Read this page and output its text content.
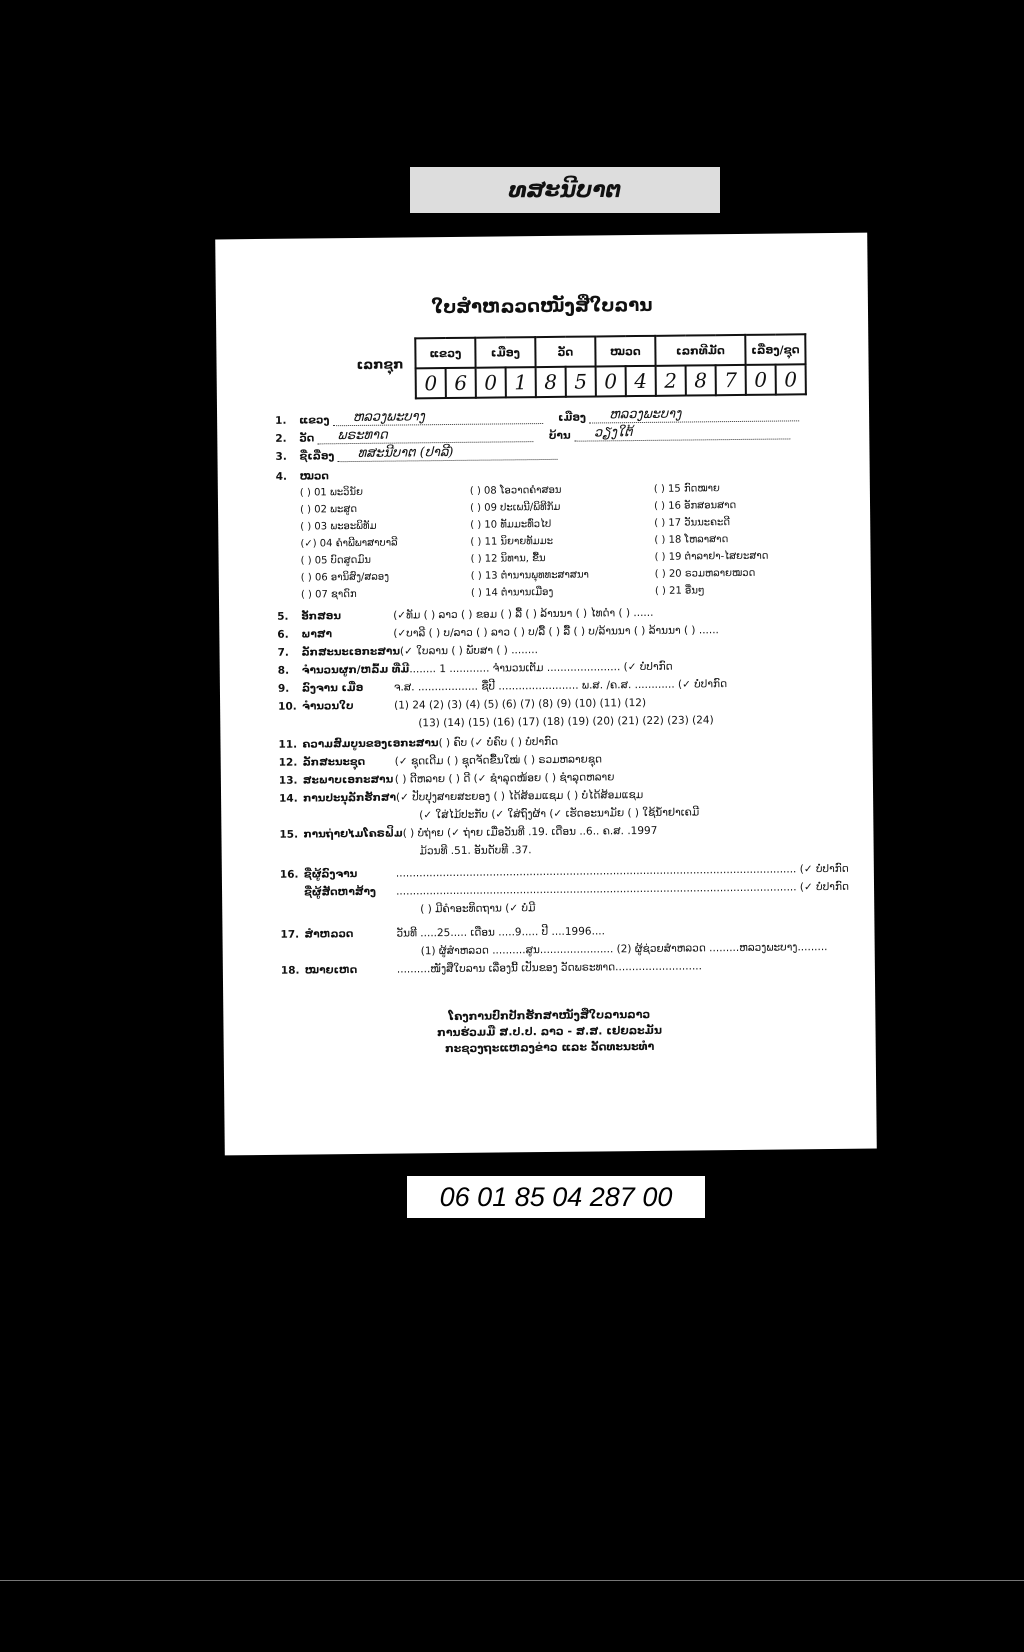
ທສະນີບາຕ
ໃບສຳຫລວດໜັງສືໃບລານ
ເລກຊຸກ
ແຂວງ		ເມືອງ		ວັດ		ໝວດ		ເລກທີມັດ			ເລື່ອງ/ຊຸດ	
0	6	0	1	8	5	0	4	2	8	7	0	0
1. ແຂວງ ຫລວງພະບາງ	ເມືອງ ຫລວງພະບາງ
2. ວັດ ພຣະທາດ	ບ້ານ ວຽງໃຕ້
3. ຊື່ເລື່ອງ ທສະນີບາຕ (ປາລີ)
4. ໝວດ
( ) 01 ພະວິນັຍ
( ) 02 ພະສູດ
( ) 03 ພະອະພິທັມ
(✓) 04 ຄຳພີພາສາບາລີ
( ) 05 ບົດສູດມົນ
( ) 06 ອານິສົງ/ສລອງ
( ) 07 ຊາດົກ
( ) 08 ໂອວາດຄຳສອນ
( ) 09 ປະເພນີ/ພິທີກັມ
( ) 10 ທັມມະທົ່ວໄປ
( ) 11 ນິຍາຍທັມມະ
( ) 12 ນິທານ, ຂື້ນ
( ) 13 ຕຳນານພຸທທະສາສນາ
( ) 14 ຕຳນານເມືອງ
( ) 15 ກົດໝາຍ
( ) 16 ອັກສອນສາດ
( ) 17 ວັນນະຄະດີ
( ) 18 ໂຫລາສາດ
( ) 19 ຕຳລາຢາ-ໄສຍະສາດ
( ) 20 ຣວມຫລາຍໝວດ
( ) 21 ອື່ນໆ
5. ອັກສອນ	(✓ທັມ ( ) ລາວ ( ) ຂອມ ( ) ລື້ ( ) ລ້ານນາ ( ) ໄທດຳ ( ) ......
6. ພາສາ	(✓ບາລີ ( ) ບ/ລາວ ( ) ລາວ ( ) ບ/ລື້ ( ) ລື້ ( ) ບ/ລ້ານນາ ( ) ລ້ານນາ ( ) ......
7. ລັກສະນະເອກະສານ(✓ ໃບລານ ( ) ພັບສາ ( ) ........
8. ຈຳນວນຜູກ/ຫລົ້ມ ທີ່ມີ........ 1 ............ ຈຳນວນເຕັມ ...................... (✓ ບໍ່ປາກົດ
9. ລົງຈານ ເມື່ອ	ຈ.ສ. .................. ຊື່ປີ ........................ ພ.ສ. /ຄ.ສ. ............ (✓ ບໍ່ປາກົດ
10. ຈຳນວນໃບ	(1) 24 (2) (3) (4) (5) (6) (7) (8) (9) (10) (11) (12)
(13) (14) (15) (16) (17) (18) (19) (20) (21) (22) (23) (24)
11. ຄວາມສົມບູນຂອງເອກະສານ( ) ຄົບ (✓ ບໍ່ຄົບ ( ) ບໍ່ປາກົດ
12. ລັກສະນະຊຸດ	(✓ ຊຸດເດີມ ( ) ຊຸດຈັດຂື້ນໃໝ່ ( ) ຣວມຫລາຍຊຸດ
13. ສະພາບເອກະສານ ( ) ດີຫລາຍ ( ) ດີ (✓ ຊຳລຸດໜ້ອຍ ( ) ຊຳລຸດຫລາຍ
14. ການປະນຸລັກຮັກສາ(✓ ປັບປຸງສາຍສະຍອງ ( ) ໄດ້ສ້ອມແຊມ ( ) ບໍ່ໄດ້ສ້ອມແຊມ
(✓ ໃສ່ໄມ້ປະກັບ (✓ ໃສ່ຖົງຜ້າ (✓ ເຮັດອະນາມັຍ ( ) ໃຊ້ນ້ຳຢາເຄມີ
15. ການຖ່າຍໄມໂຄຣຟິມ( ) ບໍ່ຖ່າຍ (✓ ຖ່າຍ ເມື່ອວັນທີ .19. ເດືອນ ..6.. ຄ.ສ. .1997
ມ້ວນທີ .51. ອັນດັບທີ .37.
16. ຊື່ຜູ້ລົງຈານ	........................................................................................................................ (✓ ບໍ່ປາກົດ
ຊື່ຜູ້ສັດຫາສ້າງ ........................................................................................................................ (✓ ບໍ່ປາກົດ
( ) ມີຄຳອະທິດຖານ (✓ ບໍ່ມີ
17. ສຳຫລວດ	ວັນທີ .....25..... ເດືອນ .....9..... ປີ ....1996....
(1) ຜູ້ສຳຫລວດ ..........ສູນ...................... (2) ຜູ້ຊ່ວຍສຳຫລວດ .........ຫລວງພະບາງ.........
18. ໝາຍເຫດ	..........ໜັງສືໃບລານ ເລື່ອງນີ້ ເປັນຂອງ ວັດພຣະທາດ..........................
ໂຄງການປົກປັກຮັກສາໜັງສືໃບລານລາວ
ການຮ່ວມມື ສ.ປ.ປ. ລາວ - ສ.ສ. ເຢຍລະມັນ
ກະຊວງຖະແຫລງຂ່າວ ແລະ ວັດທະນະທຳ
06 01 85 04 287 00
